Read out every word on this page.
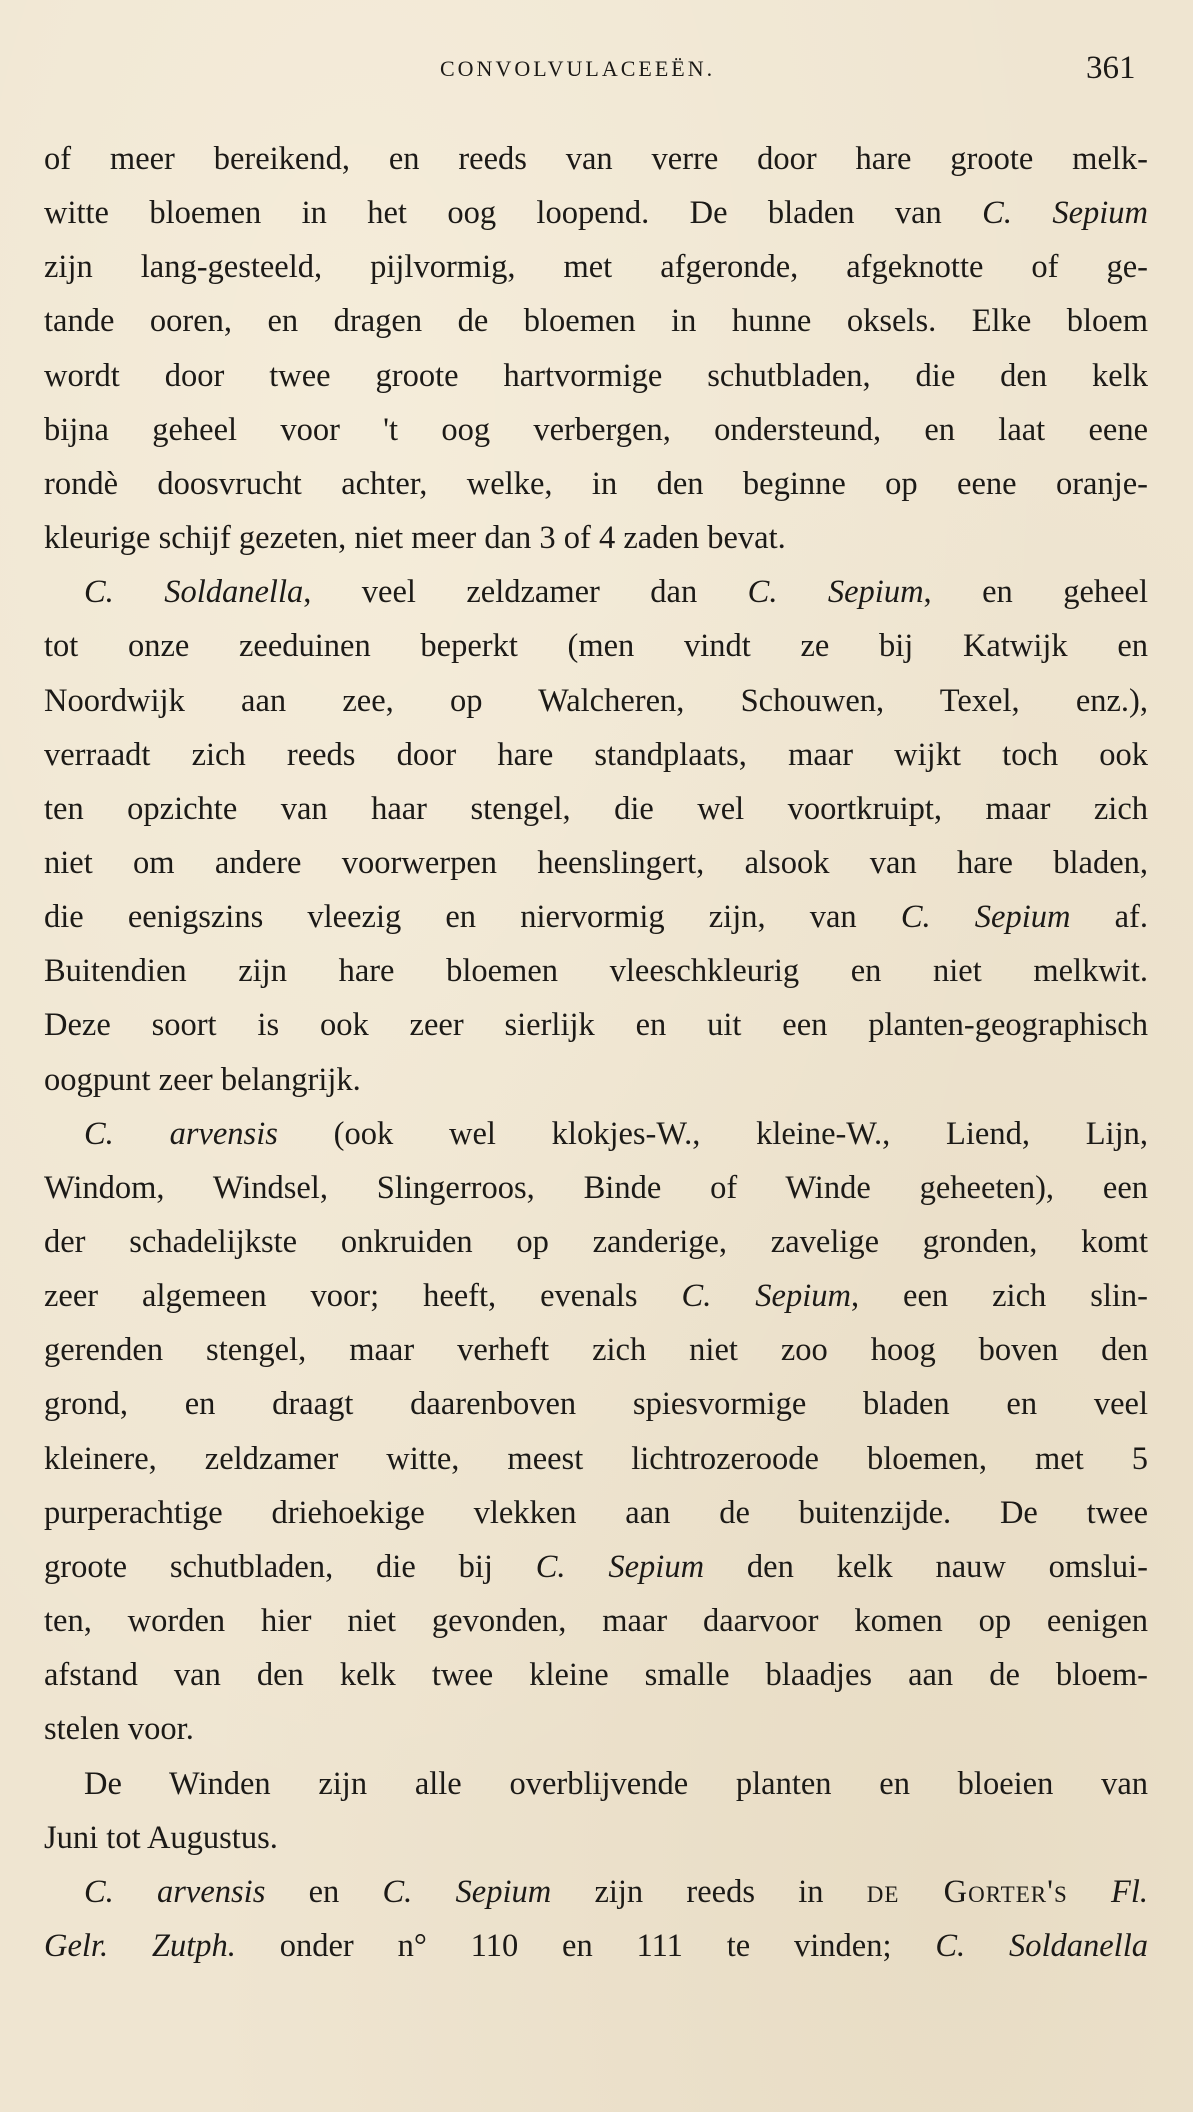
CONVOLVULACEEËN.	361
of meer bereikend, en reeds van verre door hare groote melk-
witte bloemen in het oog loopend. De bladen van C. Sepium
zijn lang-gesteeld, pijlvormig, met afgeronde, afgeknotte of ge-
tande ooren, en dragen de bloemen in hunne oksels. Elke bloem
wordt door twee groote hartvormige schutbladen, die den kelk
bijna geheel voor 't oog verbergen, ondersteund, en laat eene
rondè doosvrucht achter, welke, in den beginne op eene oranje-
kleurige schijf gezeten, niet meer dan 3 of 4 zaden bevat.
C. Soldanella, veel zeldzamer dan C. Sepium, en geheel
tot onze zeeduinen beperkt (men vindt ze bij Katwijk en
Noordwijk aan zee, op Walcheren, Schouwen, Texel, enz.),
verraadt zich reeds door hare standplaats, maar wijkt toch ook
ten opzichte van haar stengel, die wel voortkruipt, maar zich
niet om andere voorwerpen heenslingert, alsook van hare bladen,
die eenigszins vleezig en niervormig zijn, van C. Sepium af.
Buitendien zijn hare bloemen vleeschkleurig en niet melkwit.
Deze soort is ook zeer sierlijk en uit een planten-geographisch
oogpunt zeer belangrijk.
C. arvensis (ook wel klokjes-W., kleine-W., Liend, Lijn,
Windom, Windsel, Slingerroos, Binde of Winde geheeten), een
der schadelijkste onkruiden op zanderige, zavelige gronden, komt
zeer algemeen voor; heeft, evenals C. Sepium, een zich slin-
gerenden stengel, maar verheft zich niet zoo hoog boven den
grond, en draagt daarenboven spiesvormige bladen en veel
kleinere, zeldzamer witte, meest lichtrozeroode bloemen, met 5
purperachtige driehoekige vlekken aan de buitenzijde. De twee
groote schutbladen, die bij C. Sepium den kelk nauw omslui-
ten, worden hier niet gevonden, maar daarvoor komen op eenigen
afstand van den kelk twee kleine smalle blaadjes aan de bloem-
stelen voor.
De Winden zijn alle overblijvende planten en bloeien van
Juni tot Augustus.
C. arvensis en C. Sepium zijn reeds in de Gorter's Fl.
Gelr. Zutph. onder n° 110 en 111 te vinden; C. Soldanella
